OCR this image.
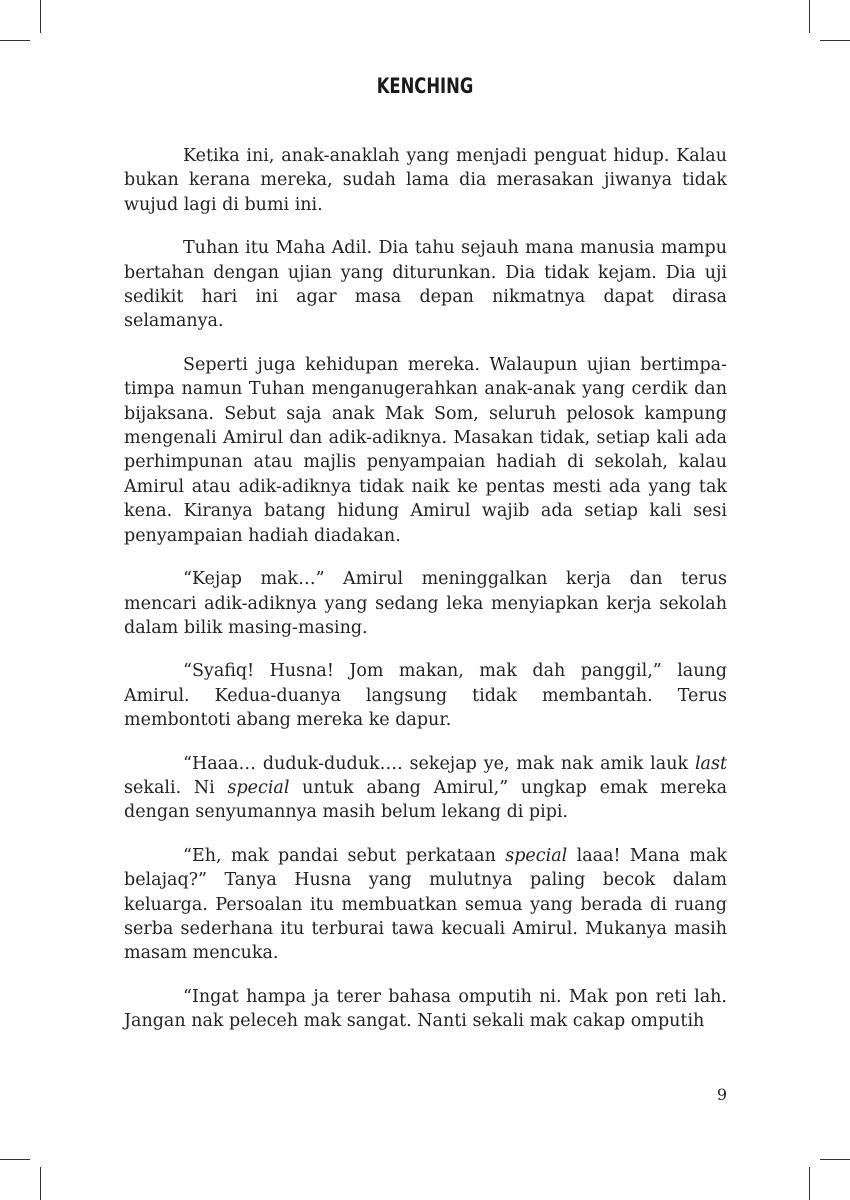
KENCHING

Ketika ini, anak-anaklah yang menjadi penguat hidup. Kalau bukan kerana mereka, sudah lama dia merasakan jiwanya tidak wujud lagi di bumi ini.

Tuhan itu Maha Adil. Dia tahu sejauh mana manusia mampu bertahan dengan ujian yang diturunkan. Dia tidak kejam. Dia uji sedikit hari ini agar masa depan nikmatnya dapat dirasa selamanya.

Seperti juga kehidupan mereka. Walaupun ujian bertimpa-timpa namun Tuhan menganugerahkan anak-anak yang cerdik dan bijaksana. Sebut saja anak Mak Som, seluruh pelosok kampung mengenali Amirul dan adik-adiknya. Masakan tidak, setiap kali ada perhimpunan atau majlis penyampaian hadiah di sekolah, kalau Amirul atau adik-adiknya tidak naik ke pentas mesti ada yang tak kena. Kiranya batang hidung Amirul wajib ada setiap kali sesi penyampaian hadiah diadakan.

“Kejap mak…” Amirul meninggalkan kerja dan terus mencari adik-adiknya yang sedang leka menyiapkan kerja sekolah dalam bilik masing-masing.

“Syafiq! Husna! Jom makan, mak dah panggil,” laung Amirul. Kedua-duanya langsung tidak membantah. Terus membontoti abang mereka ke dapur.

“Haaa… duduk-duduk…. sekejap ye, mak nak amik lauk last sekali. Ni special untuk abang Amirul,” ungkap emak mereka dengan senyumannya masih belum lekang di pipi.

“Eh, mak pandai sebut perkataan special laaa! Mana mak belajaq?” Tanya Husna yang mulutnya paling becok dalam keluarga. Persoalan itu membuatkan semua yang berada di ruang serba sederhana itu terburai tawa kecuali Amirul. Mukanya masih masam mencuka.

“Ingat hampa ja terer bahasa omputih ni. Mak pon reti lah. Jangan nak peleceh mak sangat. Nanti sekali mak cakap omputih

9
